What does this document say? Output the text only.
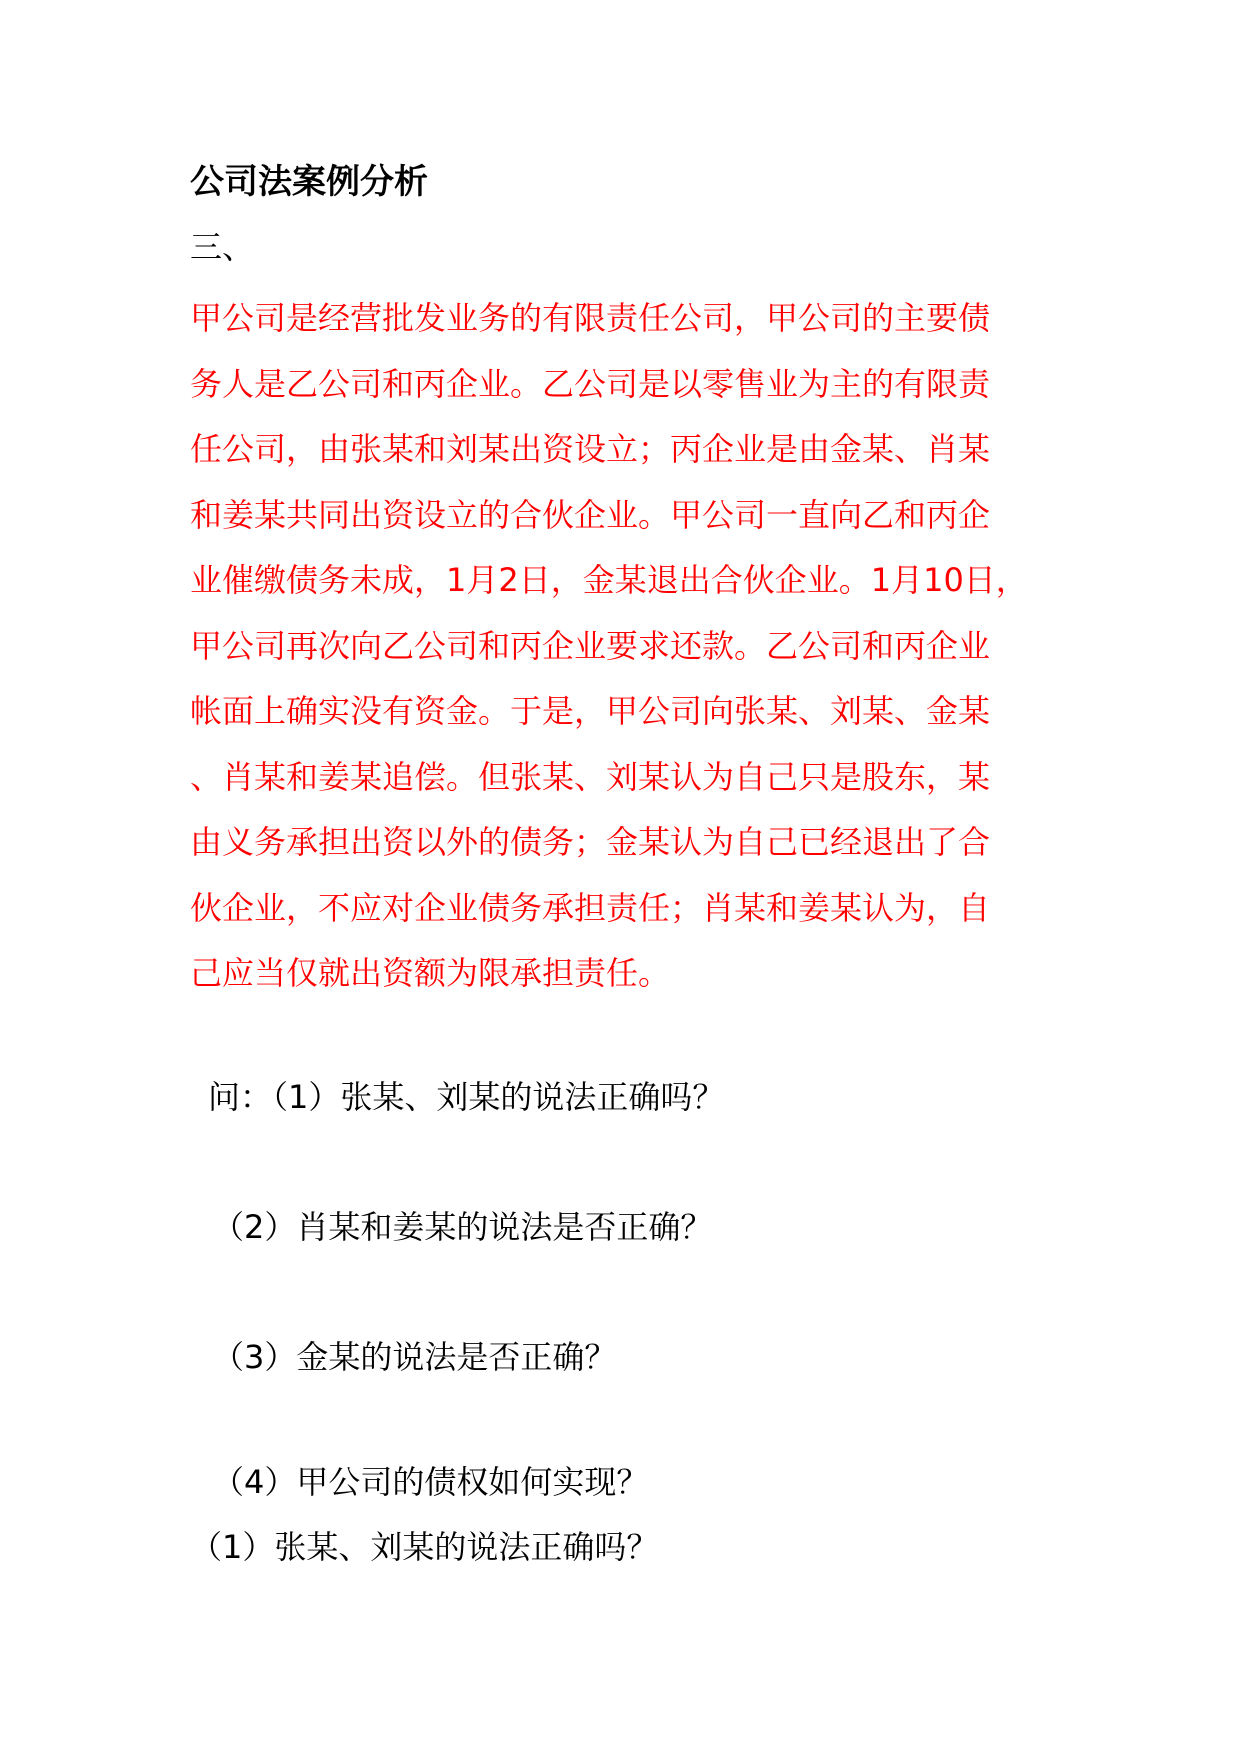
公司法案例分析

三、

甲公司是经营批发业务的有限责任公司，甲公司的主要债
务人是乙公司和丙企业。乙公司是以零售业为主的有限责
任公司，由张某和刘某出资设立；丙企业是由金某、肖某
和姜某共同出资设立的合伙企业。甲公司一直向乙和丙企
业催缴债务未成，1月2日，金某退出合伙企业。1月10日，
甲公司再次向乙公司和丙企业要求还款。乙公司和丙企业
帐面上确实没有资金。于是，甲公司向张某、刘某、金某
、肖某和姜某追偿。但张某、刘某认为自己只是股东，某
由义务承担出资以外的债务；金某认为自己已经退出了合
伙企业，不应对企业债务承担责任；肖某和姜某认为，自
己应当仅就出资额为限承担责任。

问：（1）张某、刘某的说法正确吗？

（2）肖某和姜某的说法是否正确？

（3）金某的说法是否正确？

（4）甲公司的债权如何实现？

（1）张某、刘某的说法正确吗？
